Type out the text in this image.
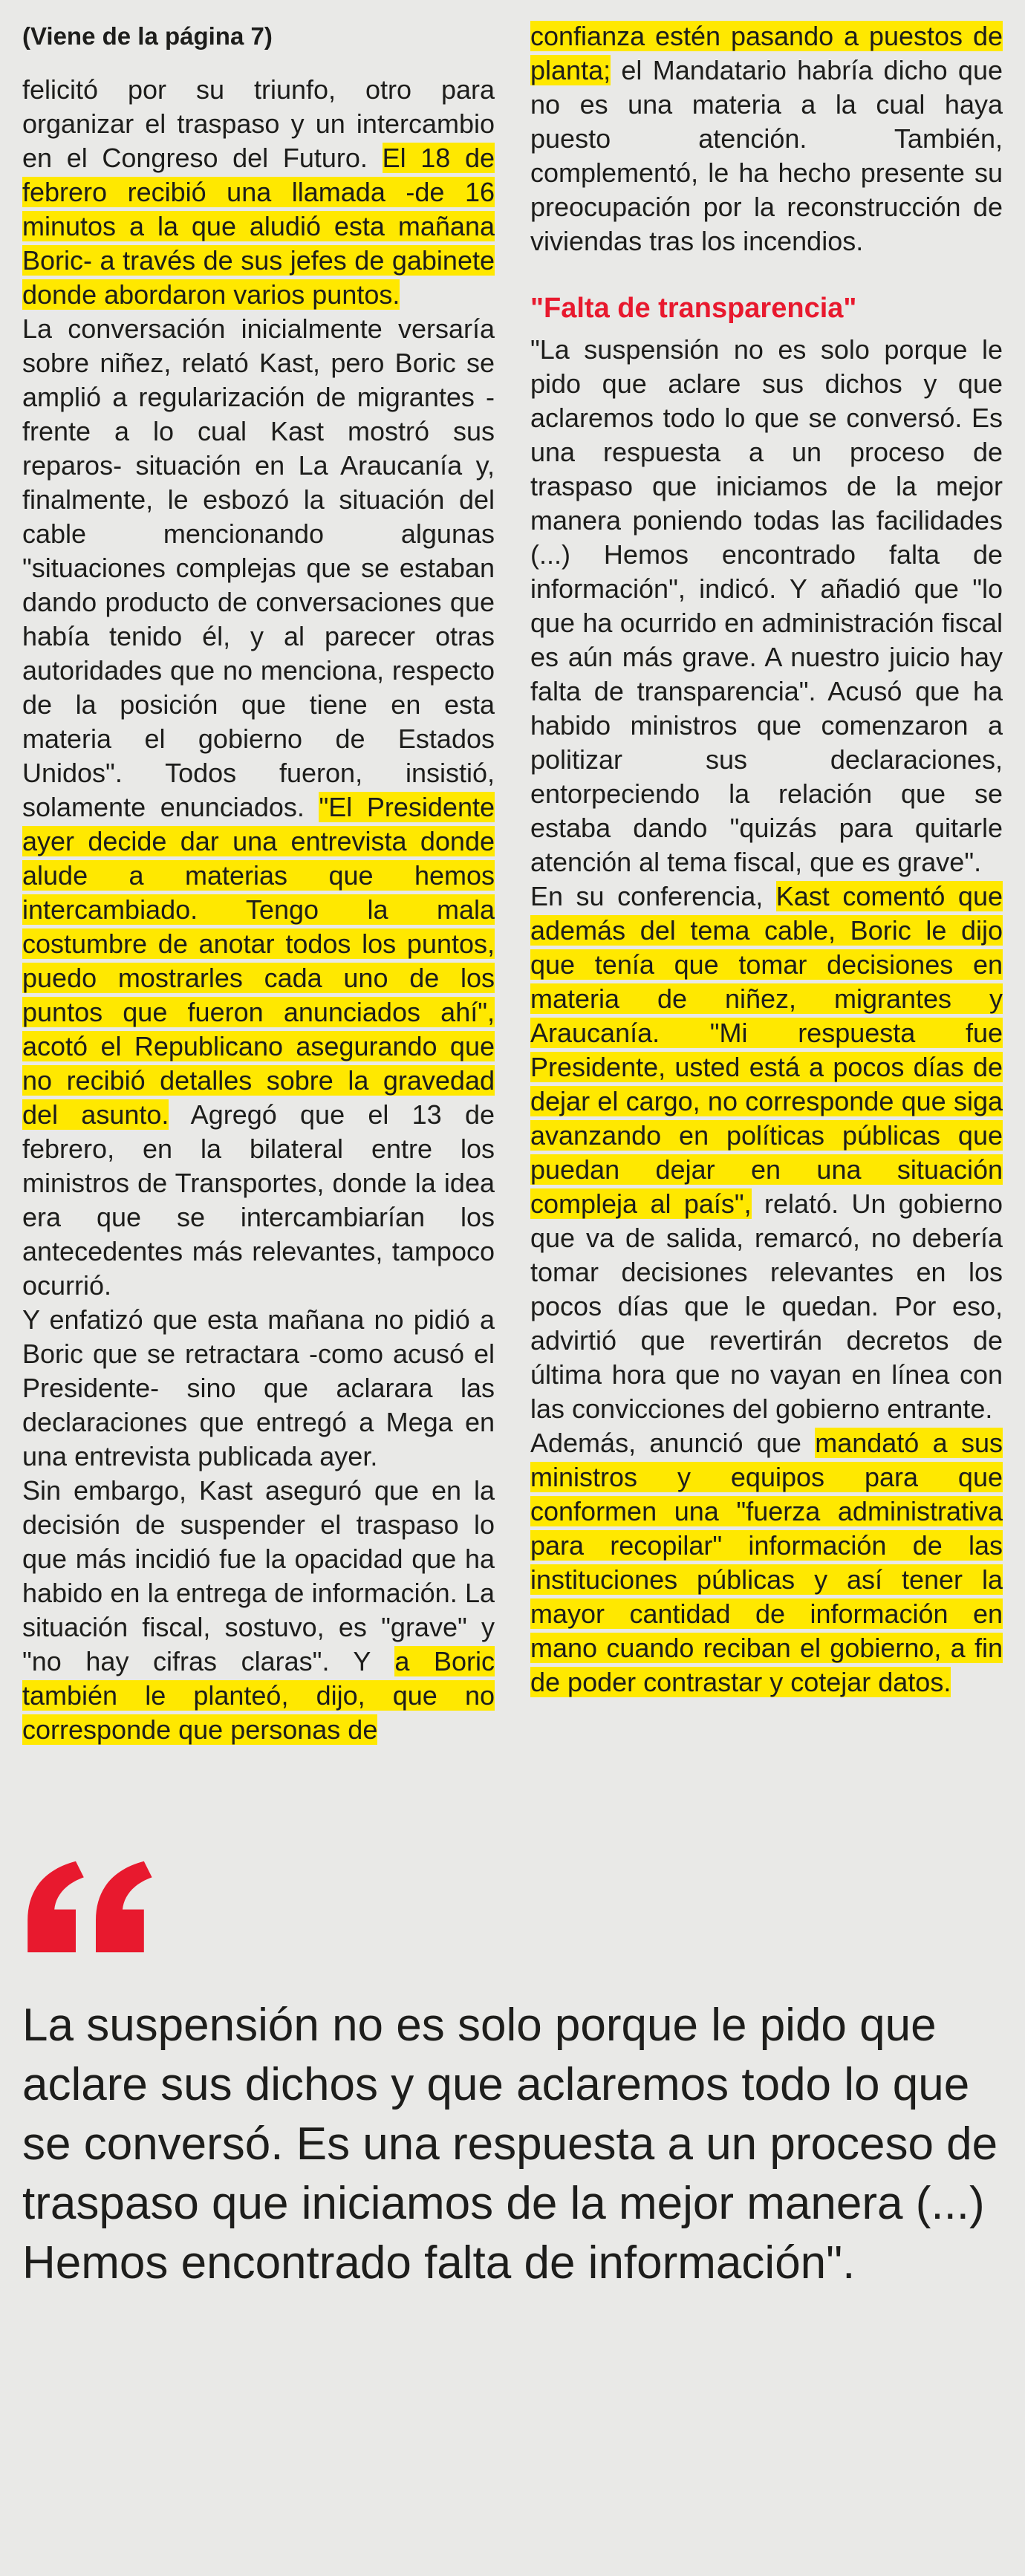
(Viene de la página 7)

felicitó por su triunfo, otro para organizar el traspaso y un intercambio en el Congreso del Futuro. El 18 de febrero recibió una llamada -de 16 minutos a la que aludió esta mañana Boric- a través de sus jefes de gabinete donde abordaron varios puntos.

La conversación inicialmente versaría sobre niñez, relató Kast, pero Boric se amplió a regularización de migrantes -frente a lo cual Kast mostró sus reparos- situación en La Araucanía y, finalmente, le esbozó la situación del cable mencionando algunas "situaciones complejas que se estaban dando producto de conversaciones que había tenido él, y al parecer otras autoridades que no menciona, respecto de la posición que tiene en esta materia el gobierno de Estados Unidos". Todos fueron, insistió, solamente enunciados. "El Presidente ayer decide dar una entrevista donde alude a materias que hemos intercambiado. Tengo la mala costumbre de anotar todos los puntos, puedo mostrarles cada uno de los puntos que fueron anunciados ahí", acotó el Republicano asegurando que no recibió detalles sobre la gravedad del asunto. Agregó que el 13 de febrero, en la bilateral entre los ministros de Transportes, donde la idea era que se intercambiarían los antecedentes más relevantes, tampoco ocurrió.

Y enfatizó que esta mañana no pidió a Boric que se retractara -como acusó el Presidente- sino que aclarara las declaraciones que entregó a Mega en una entrevista publicada ayer.

Sin embargo, Kast aseguró que en la decisión de suspender el traspaso lo que más incidió fue la opacidad que ha habido en la entrega de información. La situación fiscal, sostuvo, es "grave" y "no hay cifras claras". Y a Boric también le planteó, dijo, que no corresponde que personas de

confianza estén pasando a puestos de planta; el Mandatario habría dicho que no es una materia a la cual haya puesto atención. También, complementó, le ha hecho presente su preocupación por la reconstrucción de viviendas tras los incendios.

"Falta de transparencia"

"La suspensión no es solo porque le pido que aclare sus dichos y que aclaremos todo lo que se conversó. Es una respuesta a un proceso de traspaso que iniciamos de la mejor manera poniendo todas las facilidades (...) Hemos encontrado falta de información", indicó. Y añadió que "lo que ha ocurrido en administración fiscal es aún más grave. A nuestro juicio hay falta de transparencia". Acusó que ha habido ministros que comenzaron a politizar sus declaraciones, entorpeciendo la relación que se estaba dando "quizás para quitarle atención al tema fiscal, que es grave".

En su conferencia, Kast comentó que además del tema cable, Boric le dijo que tenía que tomar decisiones en materia de niñez, migrantes y Araucanía. "Mi respuesta fue Presidente, usted está a pocos días de dejar el cargo, no corresponde que siga avanzando en políticas públicas que puedan dejar en una situación compleja al país", relató. Un gobierno que va de salida, remarcó, no debería tomar decisiones relevantes en los pocos días que le quedan. Por eso, advirtió que revertirán decretos de última hora que no vayan en línea con las convicciones del gobierno entrante.

Además, anunció que mandató a sus ministros y equipos para que conformen una "fuerza administrativa para recopilar" información de las instituciones públicas y así tener la mayor cantidad de información en mano cuando reciban el gobierno, a fin de poder contrastar y cotejar datos.

La suspensión no es solo porque le pido que aclare sus dichos y que aclaremos todo lo que se conversó. Es una respuesta a un proceso de traspaso que iniciamos de la mejor manera (...) Hemos encontrado falta de información".
